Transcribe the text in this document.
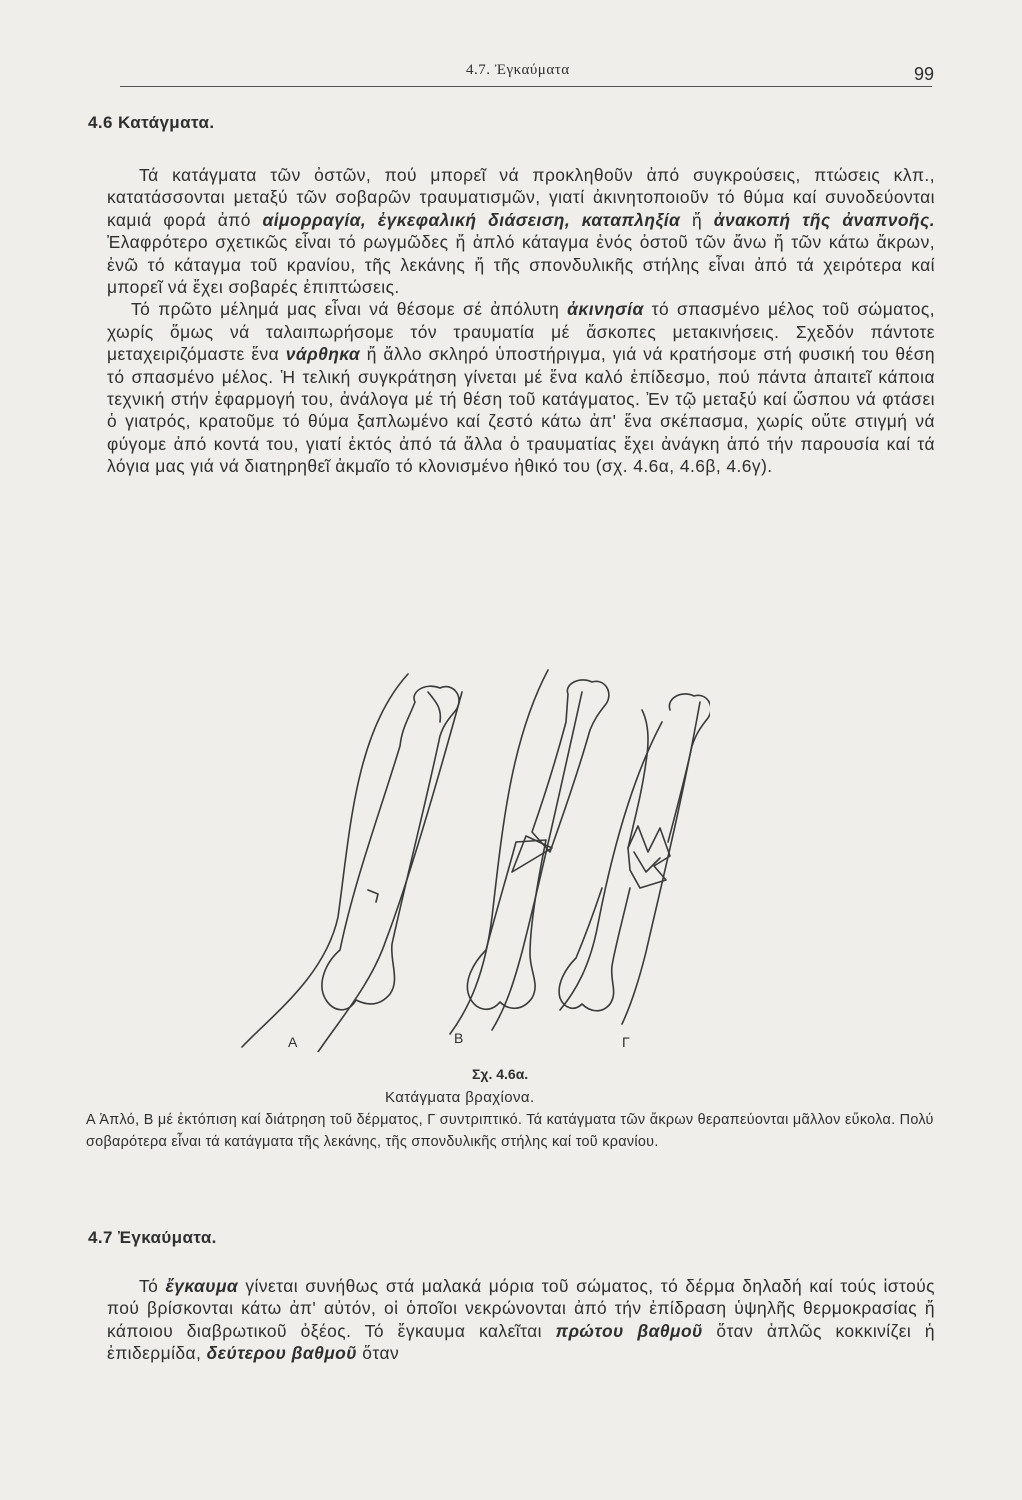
4.7. Ἐγκαύματα	99
4.6 Κατάγματα.

Τά κατάγματα τῶν ὀστῶν, πού μπορεῖ νά προκληθοῦν ἀπό συγκρούσεις, πτώσεις κλπ., κατατάσσονται μεταξύ τῶν σοβαρῶν τραυματισμῶν, γιατί ἀκινητοποιοῦν τό θύμα καί συνοδεύονται καμιά φορά ἀπό αἱμορραγία, ἐγκεφαλική διάσειση, καταπληξία ἤ ἀνακοπή τῆς ἀναπνοῆς. Ἐλαφρότερο σχετικῶς εἶναι τό ρωγμῶδες ἤ ἁπλό κάταγμα ἑνός ὀστοῦ τῶν ἄνω ἤ τῶν κάτω ἄκρων, ἐνῶ τό κάταγμα τοῦ κρανίου, τῆς λεκάνης ἤ τῆς σπονδυλικῆς στήλης εἶναι ἀπό τά χειρότερα καί μπορεῖ νά ἔχει σοβαρές ἐπιπτώσεις.

Τό πρῶτο μέλημά μας εἶναι νά θέσομε σέ ἀπόλυτη ἀκινησία τό σπασμένο μέλος τοῦ σώματος, χωρίς ὅμως νά ταλαιπωρήσομε τόν τραυματία μέ ἄσκοπες μετακινήσεις. Σχεδόν πάντοτε μεταχειριζόμαστε ἕνα νάρθηκα ἤ ἄλλο σκληρό ὑποστήριγμα, γιά νά κρατήσομε στή φυσική του θέση τό σπασμένο μέλος. Ἡ τελική συγκράτηση γίνεται μέ ἕνα καλό ἐπίδεσμο, πού πάντα ἀπαιτεῖ κάποια τεχνική στήν ἐφαρμογή του, ἀνάλογα μέ τή θέση τοῦ κατάγματος. Ἐν τῷ μεταξύ καί ὥσπου νά φτάσει ὁ γιατρός, κρατοῦμε τό θύμα ξαπλωμένο καί ζεστό κάτω ἀπ' ἕνα σκέπασμα, χωρίς οὔτε στιγμή νά φύγομε ἀπό κοντά του, γιατί ἐκτός ἀπό τά ἄλλα ὁ τραυματίας ἔχει ἀνάγκη ἀπό τήν παρουσία καί τά λόγια μας γιά νά διατηρηθεῖ ἀκμαῖο τό κλονισμένο ἠθικό του (σχ. 4.6α, 4.6β, 4.6γ).

Α	Β	Γ
Σχ. 4.6α.
Κατάγματα βραχίονα.
Α Ἁπλό, Β μέ ἐκτόπιση καί διάτρηση τοῦ δέρματος, Γ συντριπτικό. Τά κατάγματα τῶν ἄκρων θεραπεύονται μᾶλλον εὔκολα. Πολύ σοβαρότερα εἶναι τά κατάγματα τῆς λεκάνης, τῆς σπονδυλικῆς στήλης καί τοῦ κρανίου.
4.7 Ἐγκαύματα.

Τό ἔγκαυμα γίνεται συνήθως στά μαλακά μόρια τοῦ σώματος, τό δέρμα δηλαδή καί τούς ἱστούς πού βρίσκονται κάτω ἀπ' αὐτόν, οἱ ὁποῖοι νεκρώνονται ἀπό τήν ἐπίδραση ὑψηλῆς θερμοκρασίας ἤ κάποιου διαβρωτικοῦ ὀξέος. Τό ἔγκαυμα καλεῖται πρώτου βαθμοῦ ὅταν ἁπλῶς κοκκινίζει ἡ ἐπιδερμίδα, δεύτερου βαθμοῦ ὅταν
